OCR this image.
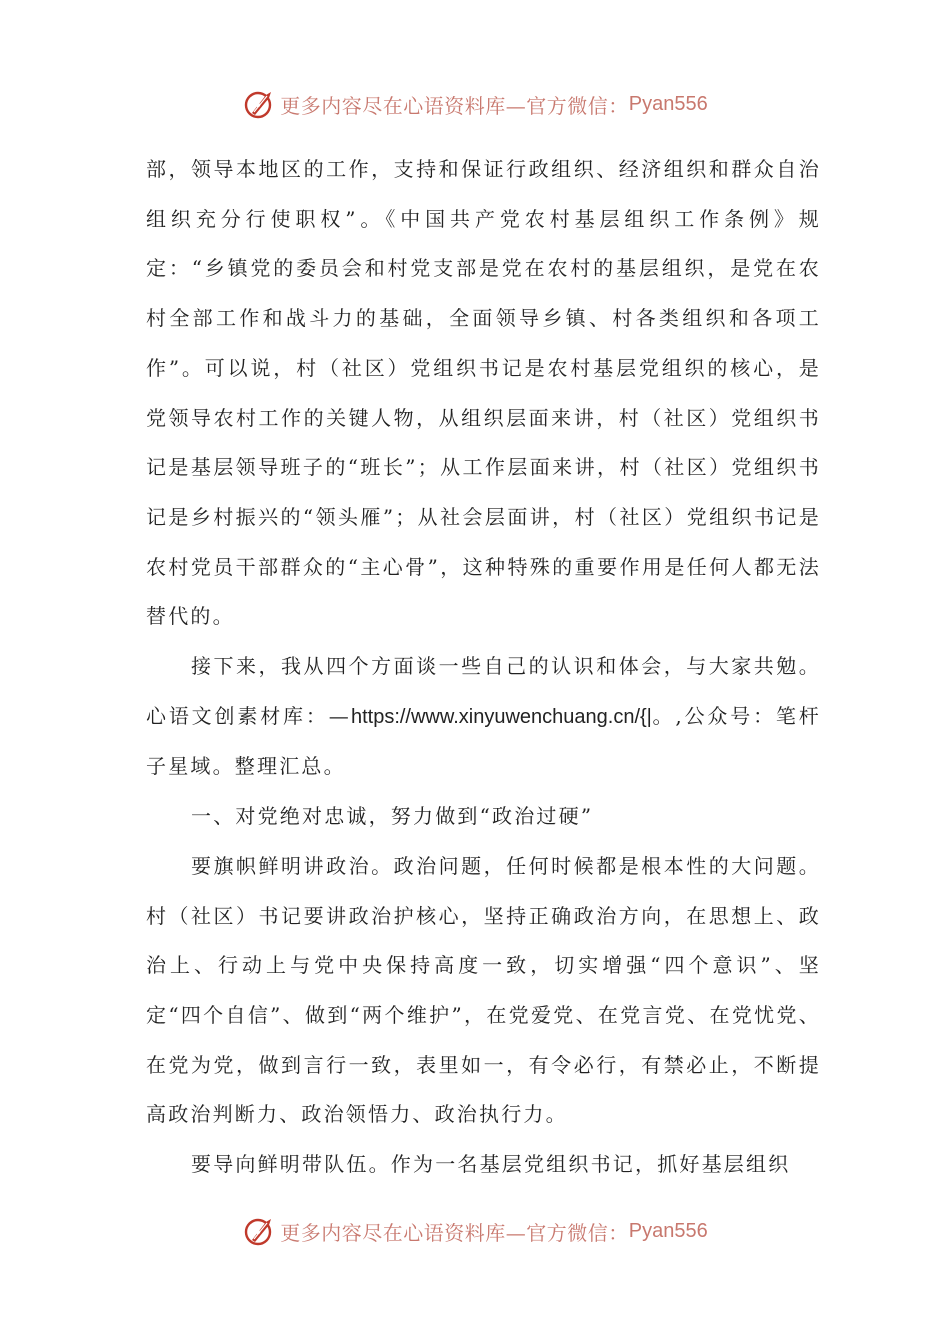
更多内容尽在心语资料库—官方微信： Pyan556

部，领导本地区的工作，支持和保证行政组织、经济组织和群众自治组织充分行使职权”。《中国共产党农村基层组织工作条例》规定：“乡镇党的委员会和村党支部是党在农村的基层组织，是党在农村全部工作和战斗力的基础，全面领导乡镇、村各类组织和各项工作”。可以说，村（社区）党组织书记是农村基层党组织的核心，是党领导农村工作的关键人物，从组织层面来讲，村（社区）党组织书记是基层领导班子的“班长”；从工作层面来讲，村（社区）党组织书记是乡村振兴的“领头雁”；从社会层面讲，村（社区）党组织书记是农村党员干部群众的“主心骨”，这种特殊的重要作用是任何人都无法替代的。

接下来，我从四个方面谈一些自己的认识和体会，与大家共勉。心语文创素材库：—https://www.xinyuwenchuang.cn/{|。,公众号：笔杆子星域。整理汇总。

一、对党绝对忠诚，努力做到“政治过硬”

要旗帜鲜明讲政治。政治问题，任何时候都是根本性的大问题。村（社区）书记要讲政治护核心，坚持正确政治方向，在思想上、政治上、行动上与党中央保持高度一致，切实增强“四个意识”、坚定“四个自信”、做到“两个维护”，在党爱党、在党言党、在党忧党、在党为党，做到言行一致，表里如一，有令必行，有禁必止，不断提高政治判断力、政治领悟力、政治执行力。

要导向鲜明带队伍。作为一名基层党组织书记，抓好基层组织

更多内容尽在心语资料库—官方微信： Pyan556
